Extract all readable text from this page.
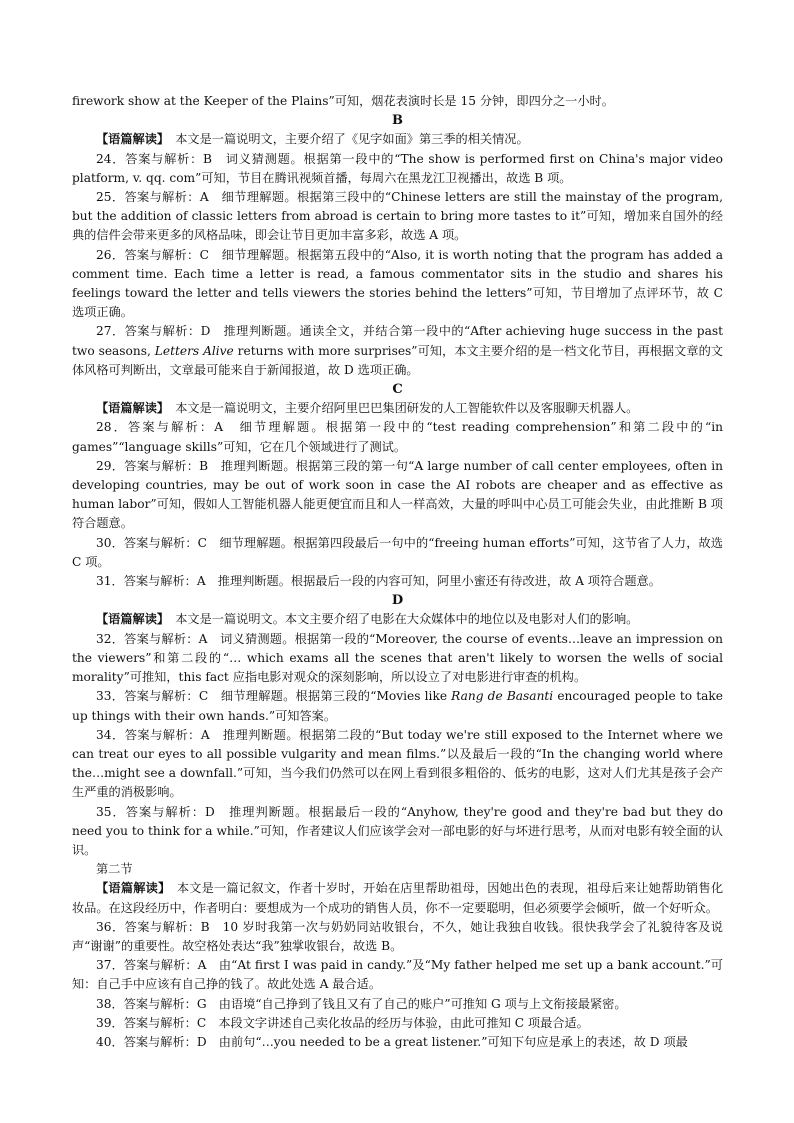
firework show at the Keeper of the Plains”可知，烟花表演时长是 15 分钟，即四分之一小时。

B

【语篇解读】　本文是一篇说明文，主要介绍了《见字如面》第三季的相关情况。

24．答案与解析：B　词义猜测题。根据第一段中的“The show is performed first on China's major video platform, v. qq. com”可知，节目在腾讯视频首播，每周六在黑龙江卫视播出，故选 B 项。

25．答案与解析：A　细节理解题。根据第三段中的“Chinese letters are still the mainstay of the program, but the addition of classic letters from abroad is certain to bring more tastes to it”可知，增加来自国外的经典的信件会带来更多的风格品味，即会让节目更加丰富多彩，故选 A 项。

26．答案与解析：C　细节理解题。根据第五段中的“Also, it is worth noting that the program has added a comment time. Each time a letter is read, a famous commentator sits in the studio and shares his feelings toward the letter and tells viewers the stories behind the letters”可知，节目增加了点评环节，故 C 选项正确。

27．答案与解析：D　推理判断题。通读全文，并结合第一段中的“After achieving huge success in the past two seasons, Letters Alive returns with more surprises”可知，本文主要介绍的是一档文化节目，再根据文章的文体风格可判断出，文章最可能来自于新闻报道，故 D 选项正确。

C

【语篇解读】　本文是一篇说明文，主要介绍阿里巴巴集团研发的人工智能软件以及客服聊天机器人。

28．答案与解析：A　细节理解题。根据第一段中的“test reading comprehension”和第二段中的“in games”“language skills”可知，它在几个领域进行了测试。

29．答案与解析：B　推理判断题。根据第三段的第一句“A large number of call center employees, often in developing countries, may be out of work soon in case the AI robots are cheaper and as effective as human labor”可知，假如人工智能机器人能更便宜而且和人一样高效，大量的呼叫中心员工可能会失业，由此推断 B 项符合题意。

30．答案与解析：C　细节理解题。根据第四段最后一句中的“freeing human efforts”可知，这节省了人力，故选 C 项。

31．答案与解析：A　推理判断题。根据最后一段的内容可知，阿里小蜜还有待改进，故 A 项符合题意。

D

【语篇解读】　本文是一篇说明文。本文主要介绍了电影在大众媒体中的地位以及电影对人们的影响。

32．答案与解析：A　词义猜测题。根据第一段的“Moreover, the course of events…leave an impression on the viewers”和第二段的“… which exams all the scenes that aren't likely to worsen the wells of social morality”可推知，this fact 应指电影对观众的深刻影响，所以设立了对电影进行审查的机构。

33．答案与解析：C　细节理解题。根据第三段的“Movies like Rang de Basanti encouraged people to take up things with their own hands.”可知答案。

34．答案与解析：A　推理判断题。根据第二段的“But today we're still exposed to the Internet where we can treat our eyes to all possible vulgarity and mean films.”以及最后一段的“In the changing world where the…might see a downfall.”可知，当今我们仍然可以在网上看到很多粗俗的、低劣的电影，这对人们尤其是孩子会产生严重的消极影响。

35．答案与解析：D　推理判断题。根据最后一段的“Anyhow, they're good and they're bad but they do need you to think for a while.”可知，作者建议人们应该学会对一部电影的好与坏进行思考，从而对电影有较全面的认识。

第二节

【语篇解读】　本文是一篇记叙文，作者十岁时，开始在店里帮助祖母，因她出色的表现，祖母后来让她帮助销售化妆品。在这段经历中，作者明白：要想成为一个成功的销售人员，你不一定要聪明，但必须要学会倾听，做一个好听众。

36．答案与解析：B　10 岁时我第一次与奶奶同站收银台，不久，她让我独自收钱。很快我学会了礼貌待客及说声“谢谢”的重要性。故空格处表达“我”独掌收银台，故选 B。

37．答案与解析：A　由“At first I was paid in candy.”及“My father helped me set up a bank account.”可知：自己手中应该有自己挣的钱了。故此处选 A 最合适。

38．答案与解析：G　由语境“自己挣到了钱且又有了自己的账户”可推知 G 项与上文衔接最紧密。

39．答案与解析：C　本段文字讲述自己卖化妆品的经历与体验，由此可推知 C 项最合适。

40．答案与解析：D　由前句“…you needed to be a great listener.”可知下句应是承上的表述，故 D 项最
